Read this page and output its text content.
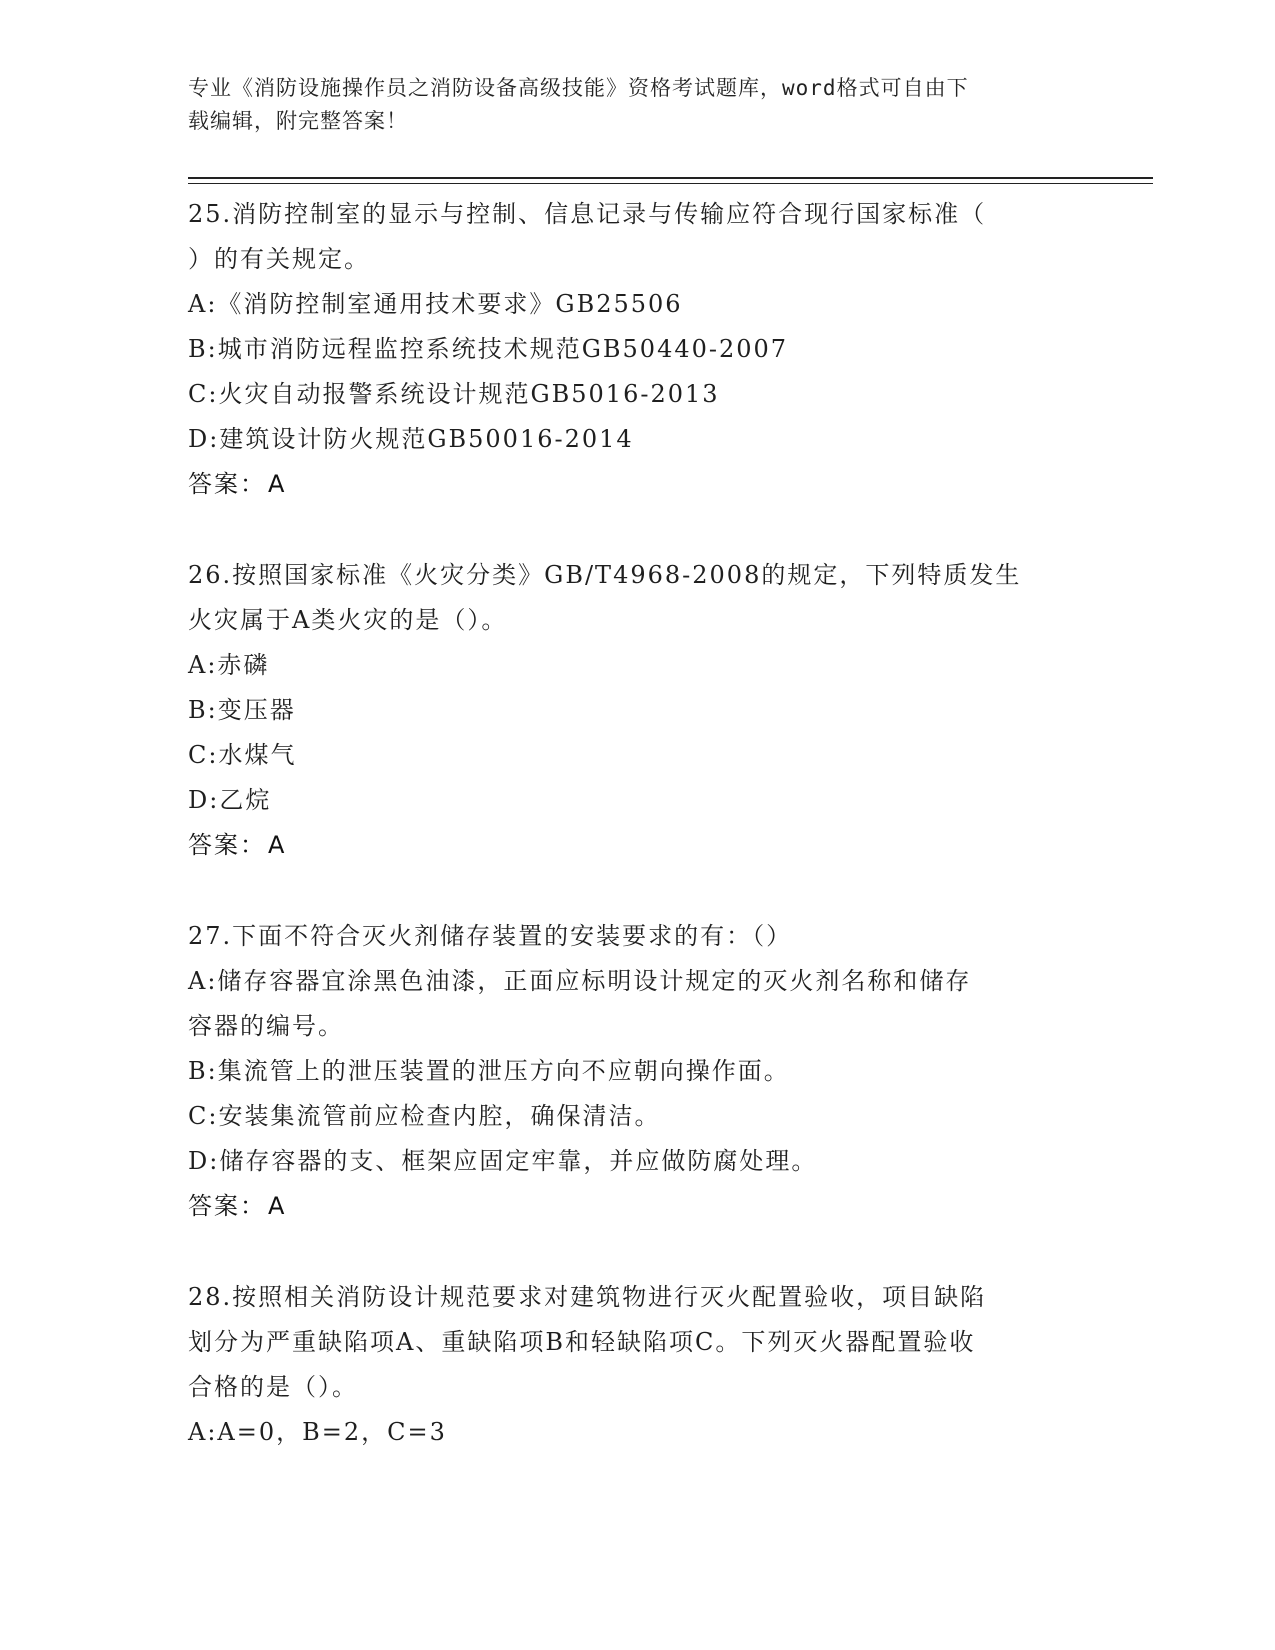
专业《消防设施操作员之消防设备高级技能》资格考试题库，word格式可自由下
载编辑，附完整答案！
25.消防控制室的显示与控制、信息记录与传输应符合现行国家标准（
）的有关规定。
A:《消防控制室通用技术要求》GB25506
B:城市消防远程监控系统技术规范GB50440-2007
C:火灾自动报警系统设计规范GB5016-2013
D:建筑设计防火规范GB50016-2014
答案：A
26.按照国家标准《火灾分类》GB/T4968-2008的规定，下列特质发生
火灾属于A类火灾的是（）。
A:赤磷
B:变压器
C:水煤气
D:乙烷
答案：A
27.下面不符合灭火剂储存装置的安装要求的有：（）
A:储存容器宜涂黑色油漆，正面应标明设计规定的灭火剂名称和储存
容器的编号。
B:集流管上的泄压装置的泄压方向不应朝向操作面。
C:安装集流管前应检查内腔，确保清洁。
D:储存容器的支、框架应固定牢靠，并应做防腐处理。
答案：A
28.按照相关消防设计规范要求对建筑物进行灭火配置验收，项目缺陷
划分为严重缺陷项A、重缺陷项B和轻缺陷项C。下列灭火器配置验收
合格的是（）。
A:A=0，B=2，C=3
